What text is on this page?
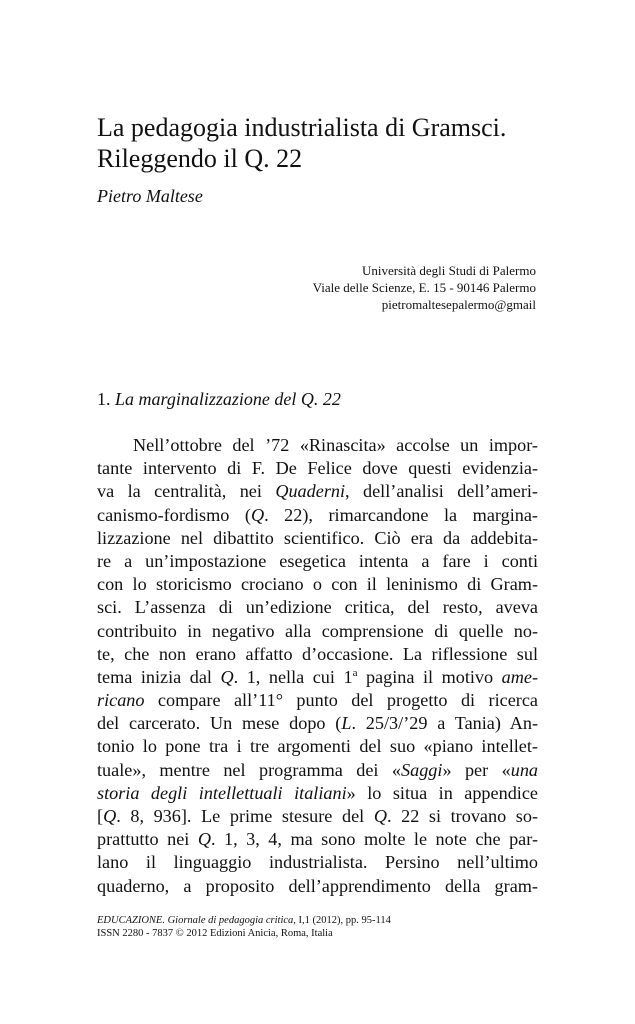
La pedagogia industrialista di Gramsci.
Rileggendo il Q. 22

Pietro Maltese

Università degli Studi di Palermo
Viale delle Scienze, E. 15 - 90146 Palermo
pietromaltesepalermo@gmail
1. La marginalizzazione del Q. 22
Nell’ottobre del ’72 «Rinascita» accolse un impor-
tante intervento di F. De Felice dove questi evidenzia-
va la centralità, nei Quaderni, dell’analisi dell’ameri-
canismo-fordismo (Q. 22), rimarcandone la margina-
lizzazione nel dibattito scientifico. Ciò era da addebita-
re a un’impostazione esegetica intenta a fare i conti
con lo storicismo crociano o con il leninismo di Gram-
sci. L’assenza di un’edizione critica, del resto, aveva
contribuito in negativo alla comprensione di quelle no-
te, che non erano affatto d’occasione. La riflessione sul
tema inizia dal Q. 1, nella cui 1$^a$ pagina il motivo ame-
ricano compare all’11° punto del progetto di ricerca
del carcerato. Un mese dopo (L. 25/3/’29 a Tania) An-
tonio lo pone tra i tre argomenti del suo «piano intellet-
tuale», mentre nel programma dei «Saggi» per «una
storia degli intellettuali italiani» lo situa in appendice
[Q. 8, 936]. Le prime stesure del Q. 22 si trovano so-
prattutto nei Q. 1, 3, 4, ma sono molte le note che par-
lano il linguaggio industrialista. Persino nell’ultimo
quaderno, a proposito dell’apprendimento della gram-
EDUCAZIONE. Giornale di pedagogia critica, I,1 (2012), pp. 95-114
ISSN 2280 - 7837 © 2012 Edizioni Anicia, Roma, Italia
